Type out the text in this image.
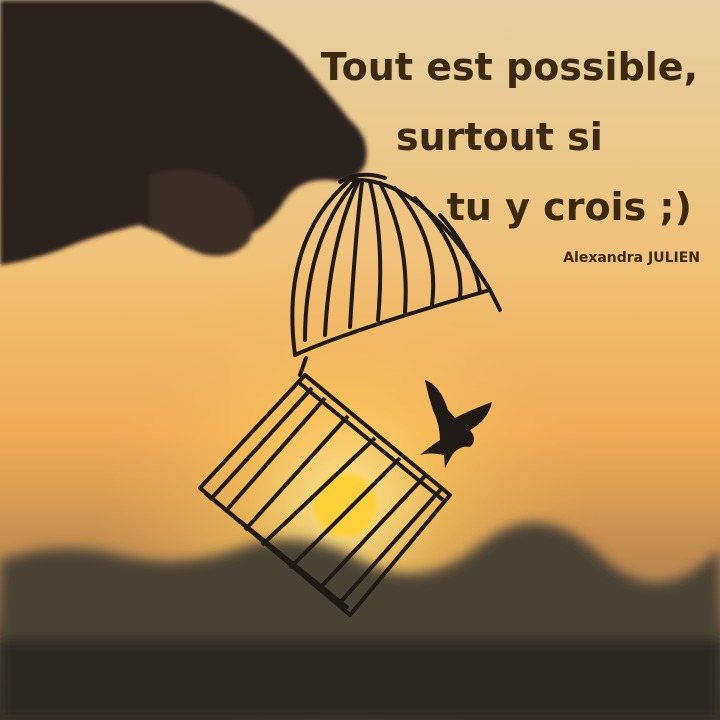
Tout est possible,
surtout si
tu y crois ;)
Alexandra JULIEN
